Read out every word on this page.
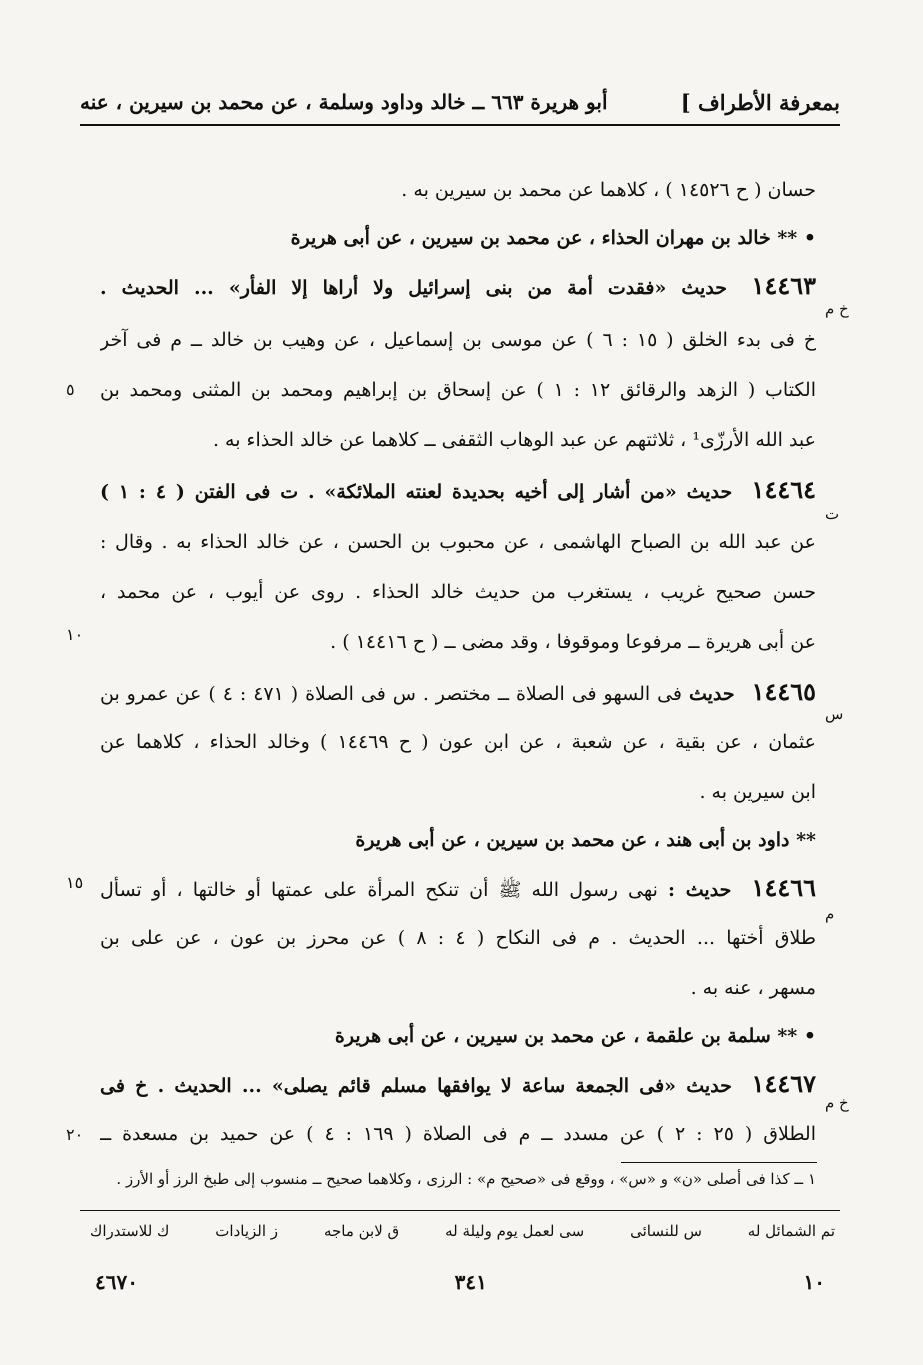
بمعرفة الأطراف ]
أبو هريرة ٦٦٣ ــ خالد وداود وسلمة ، عن محمد بن سيرين ، عنه
حسان ( ح ١٤٥٢٦ ) ، كلاهما عن محمد بن سيرين به .
• ** خالد بن مهران الحذاء ، عن محمد بن سيرين ، عن أبى هريرة
١٤٤٦٣ حديث «فقدت أمة من بنى إسرائيل ولا أراها إلا الفأر» ... الحديث .
خ فى بدء الخلق ( ١٥ : ٦ ) عن موسى بن إسماعيل ، عن وهيب بن خالد ــ م فى آخر
الكتاب ( الزهد والرقائق ١٢ : ١ ) عن إسحاق بن إبراهيم ومحمد بن المثنى ومحمد بن
عبد الله الأرزّى¹ ، ثلاثتهم عن عبد الوهاب الثقفى ــ كلاهما عن خالد الحذاء به .
١٤٤٦٤ حديث «من أشار إلى أخيه بحديدة لعنته الملائكة» . ت فى الفتن ( ٤ : ١ )
عن عبد الله بن الصباح الهاشمى ، عن محبوب بن الحسن ، عن خالد الحذاء به . وقال :
حسن صحيح غريب ، يستغرب من حديث خالد الحذاء . روى عن أيوب ، عن محمد ،
عن أبى هريرة ــ مرفوعا وموقوفا ، وقد مضى ــ ( ح ١٤٤١٦ ) .
١٤٤٦٥ حديث فى السهو فى الصلاة ــ مختصر . س فى الصلاة ( ٤٧١ : ٤ ) عن عمرو بن
عثمان ، عن بقية ، عن شعبة ، عن ابن عون ( ح ١٤٤٦٩ ) وخالد الحذاء ، كلاهما عن
ابن سيرين به .
** داود بن أبى هند ، عن محمد بن سيرين ، عن أبى هريرة
١٤٤٦٦ حديث : نهى رسول الله ﷺ أن تنكح المرأة على عمتها أو خالتها ، أو تسأل
طلاق أختها ... الحديث . م فى النكاح ( ٤ : ٨ ) عن محرز بن عون ، عن على بن
مسهر ، عنه به .
• ** سلمة بن علقمة ، عن محمد بن سيرين ، عن أبى هريرة
١٤٤٦٧ حديث «فى الجمعة ساعة لا يوافقها مسلم قائم يصلى» ... الحديث . خ فى
الطلاق ( ٢٥ : ٢ ) عن مسدد ــ م فى الصلاة ( ١٦٩ : ٤ ) عن حميد بن مسعدة ــ
خ م
ت
س
م
خ م
٥
١٠
١٥
٢٠
١ ــ كذا فى أصلى «ن» و «س» ، ووقع فى «صحيح م» : الرزى ، وكلاهما صحيح ــ منسوب إلى طبخ الرز أو الأرز .
تم الشمائل له
س للنسائى
سى لعمل يوم وليلة له
ق لابن ماجه
ز الزيادات
ك للاستدراك
١٠
٣٤١
٤٦٧٠
